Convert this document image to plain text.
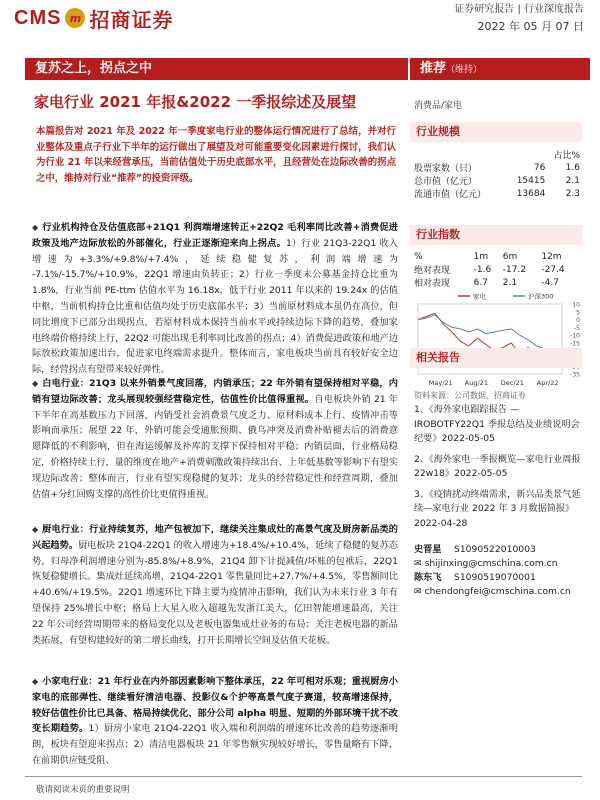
CMS m 招商证券	证券研究报告 | 行业深度报告
2022 年 05 月 07 日
复苏之上，拐点之中	推荐（维持）
家电行业 2021 年报&2022 一季报综述及展望	消费品/家电
本篇报告对 2021 年及 2022 年一季度家电行业的整体运行情况进行了总结，并对行业整体及重点子行业下半年的运行做出了展望及对可能重要变化因素进行探讨，我们认为行业 21 年以来经营承压，当前估值处于历史底部水平，且经营处在边际改善的拐点之中，维持对行业“推荐”的投资评级。
◆ 行业机构持仓及估值底部+21Q1 利润端增速转正+22Q2 毛利率同比改善+消费促进政策及地产边际放松的外部催化，行业正逐渐迎来向上拐点。1）行业 21Q3-22Q1 收入增速为+3.3%/+9.8%/+7.4%，延续稳健复苏，利润端增速为 -7.1%/-15.7%/+10.9%，22Q1 增速由负转正；2）行业一季度末公募基金持仓比重为 1.8%，行业当前 PE-ttm 估值水平为 16.18x，低于行业 2011 年以来的 19.24x 的估值中枢，当前机构持仓比重和估值均处于历史底部水平；3）当前原材料成本虽仍在高位，但同比增度下已部分出现拐点，若原材料成本保持当前水平或持续边际下降的趋势，叠加家电终端价格持续上行，22Q2 可能出现毛利率同比改善的拐点；4）消费促进政策和地产边际放松政策加速出台，促进家电终端需求提升。整体而言，家电板块当前具有较好安全边际，经营拐点有望带来较好弹性。
◆ 白电行业：21Q3 以来外销景气度回落，内销承压；22 年外销有望保持相对平稳，内销有望边际改善；龙头展现较强经营稳定性，估值性价比值得重视。自电板块外销 21 年下半年在高基数压力下回落，内销受社会消费景气度乏力、原材料成本上行、疫情冲击等影响而承压；展望 22 年，外销可能会受通胀预期、俄乌冲突及消费补贴褪去后的消费意愿降低的不利影响，但在海运缓解及补库的支撑下保持相对平稳；内销层面，行业格局稳定，价格持续上行，量的维度在地产+消费刺激政策持续出台、上年低基数等影响下有望实现边际改善；整体而言，行业有望实现稳健的复苏；龙头的经营稳定性和经营周期，叠加估值+分红回购支撑的高性价比更值得重视。
◆ 厨电行业：行业持续复苏，地产包被加下，继续关注集成灶的高景气度及厨房新品类的兴起趋势。厨电板块 21Q4-22Q1 的收入增速为+18.4%/+10.4%，延续了稳健的复苏态势，归母净利润增速分别为-85.8%/+8.9%，21Q4 卸下计提减值/坏账的包袱后，22Q1 恢复稳健增长。集成灶延续高增，21Q4-22Q1 零售量同比+27.7%/+4.5%，零售额同比+40.6%/+19.5%。22Q1 增速环比下降主要为疫情冲击影响，我们认为未来行业 3 年有望保持 25%增长中枢；格局上大星入收入超越先发浙江美大，亿田智能增速最高，关注 22 年公司经营周期带来的格局变化以及老板电器集成灶业务的布局；关注老板电器的新品类拓展，有望构建较好的第二增长曲线，打开长期增长空间及估值天花板。
◆ 小家电行业：21 年行业在内外部因素影响下整体承压，22 年可相对乐观；重视厨房小家电的底部弹性、继续看好清洁电器、投影仪&个护等高景气度子赛道，较高增速保持，较好估值性价比已具备、格局持续优化、部分公司 alpha 明显、短期的外部环境干扰不改变长期趋势。1）厨房小家电 21Q4-22Q1 收入端和利润端的增速环比改善的趋势逐渐明朗，板块有望迎来拐点；2）清洁电器板块 21 年零售额实现较好增长，零售量略有下降，在前期供应链受阻、
行业规模
		占比%
股票家数（只）	76	1.6
总市值（亿元）	15415	2.1
流通市值（亿元）	13684	2.3
行业指数
%	1m	6m	12m
绝对表现	-1.6	-17.2	-27.4
相对表现	6.7	2.1	-4.7
10
5
0
-5
-10
-15
-35
May/21 Aug/21 Dec/21 Apr/22
家电	沪深300
资料来源：公司数据、招商证券
相关报告
1、《海外家电跟踪报告 — IROBOTFY22Q1 季报总结及业绩说明会纪要》2022-05-05
2、《海外家电一季报概览—家电行业周报 22w18》2022-05-05
3、《疫情扰动终端需求，新兴品类景气延续—家电行业 2022 年 3 月数据简报》2022-04-28
史晋星 S1090522010003
✉ shijinxing@cmschina.com.cn
陈东飞 S1090519070001
✉ chendongfei@cmschina.com.cn
敬请阅读末页的重要说明
